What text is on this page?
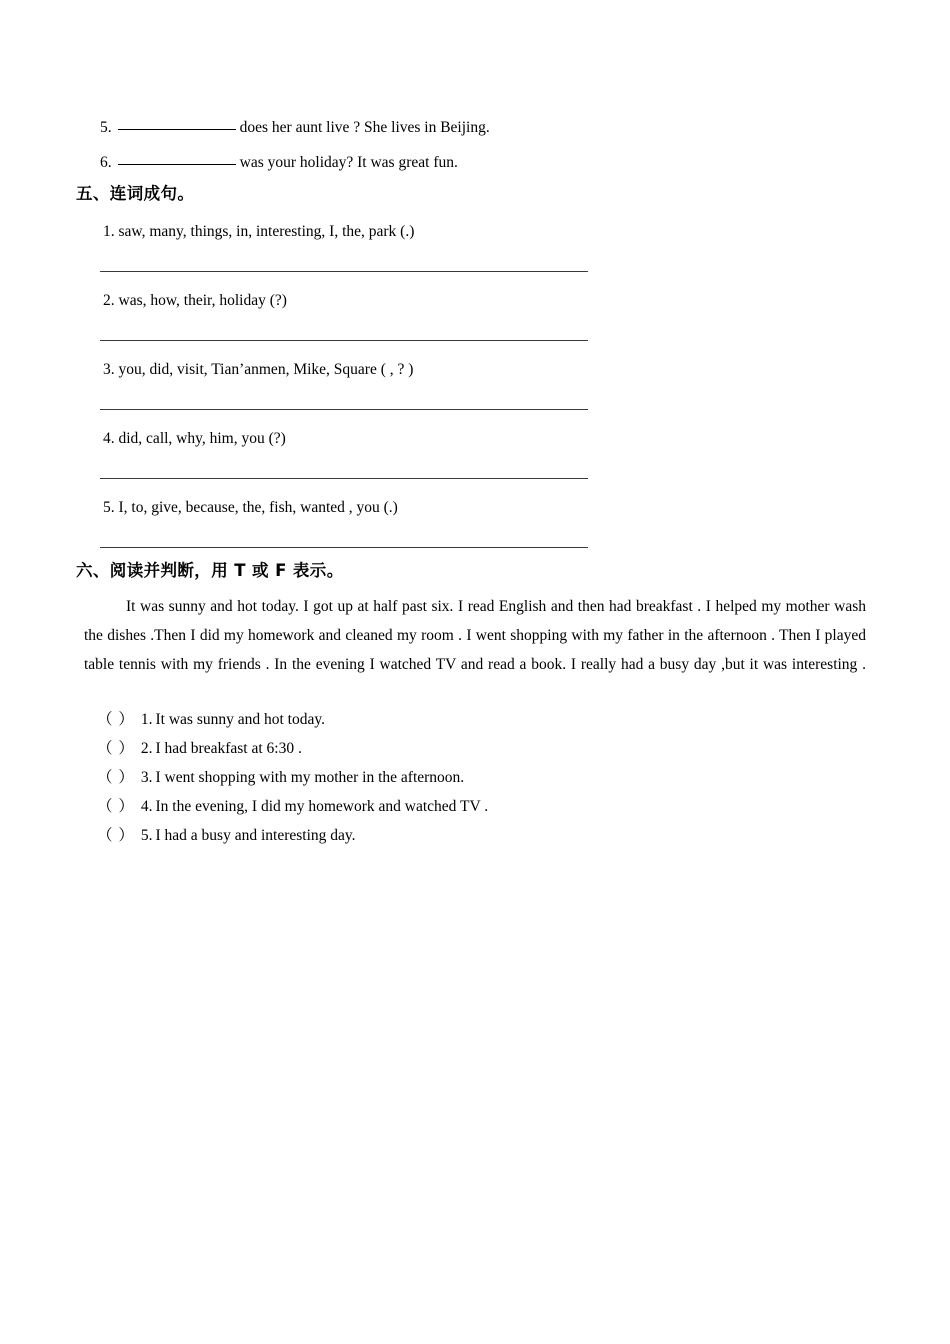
5.	does her aunt live ? She lives in Beijing.
6.	was your holiday? It was great fun.
五、连词成句。
1. saw, many, things, in, interesting, I, the, park (.)
2. was, how, their, holiday (?)
3. you, did, visit, Tian’anmen, Mike, Square ( , ? )
4. did, call, why, him, you (?)
5. I, to, give, because, the, fish, wanted , you (.)
六、阅读并判断，用 T 或 F 表示。
It was sunny and hot today. I got up at half past six. I read English and then had breakfast . I helped my mother wash the dishes .Then I did my homework and cleaned my room . I went shopping with my father in the afternoon . Then I played table tennis with my friends . In the evening I watched TV and read a book. I really had a busy day ,but it was interesting .
（ ） 1. It was sunny and hot today.
（ ） 2. I had breakfast at 6:30 .
（ ） 3. I went shopping with my mother in the afternoon.
（ ） 4. In the evening, I did my homework and watched TV .
（ ） 5. I had a busy and interesting day.
